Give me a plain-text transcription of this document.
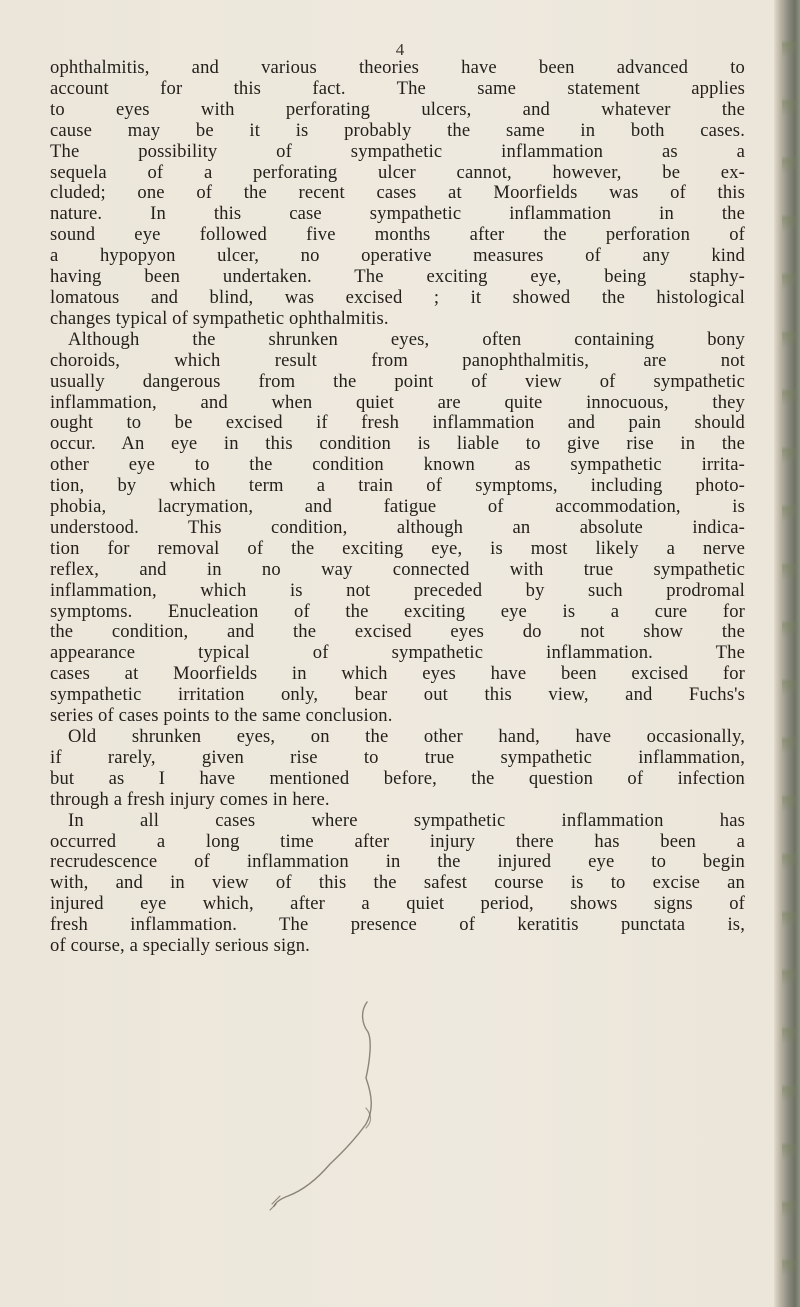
4
ophthalmitis, and various theories have been advanced to
account for this fact. The same statement applies
to eyes with perforating ulcers, and whatever the
cause may be it is probably the same in both cases.
The possibility of sympathetic inflammation as a
sequela of a perforating ulcer cannot, however, be ex-
cluded; one of the recent cases at Moorfields was of this
nature. In this case sympathetic inflammation in the
sound eye followed five months after the perforation of
a hypopyon ulcer, no operative measures of any kind
having been undertaken. The exciting eye, being staphy-
lomatous and blind, was excised ; it showed the histological
changes typical of sympathetic ophthalmitis.
Although the shrunken eyes, often containing bony
choroids, which result from panophthalmitis, are not
usually dangerous from the point of view of sympathetic
inflammation, and when quiet are quite innocuous, they
ought to be excised if fresh inflammation and pain should
occur. An eye in this condition is liable to give rise in the
other eye to the condition known as sympathetic irrita-
tion, by which term a train of symptoms, including photo-
phobia, lacrymation, and fatigue of accommodation, is
understood. This condition, although an absolute indica-
tion for removal of the exciting eye, is most likely a nerve
reflex, and in no way connected with true sympathetic
inflammation, which is not preceded by such prodromal
symptoms. Enucleation of the exciting eye is a cure for
the condition, and the excised eyes do not show the
appearance typical of sympathetic inflammation. The
cases at Moorfields in which eyes have been excised for
sympathetic irritation only, bear out this view, and Fuchs's
series of cases points to the same conclusion.
Old shrunken eyes, on the other hand, have occasionally,
if rarely, given rise to true sympathetic inflammation,
but as I have mentioned before, the question of infection
through a fresh injury comes in here.
In all cases where sympathetic inflammation has
occurred a long time after injury there has been a
recrudescence of inflammation in the injured eye to begin
with, and in view of this the safest course is to excise an
injured eye which, after a quiet period, shows signs of
fresh inflammation. The presence of keratitis punctata is,
of course, a specially serious sign.
